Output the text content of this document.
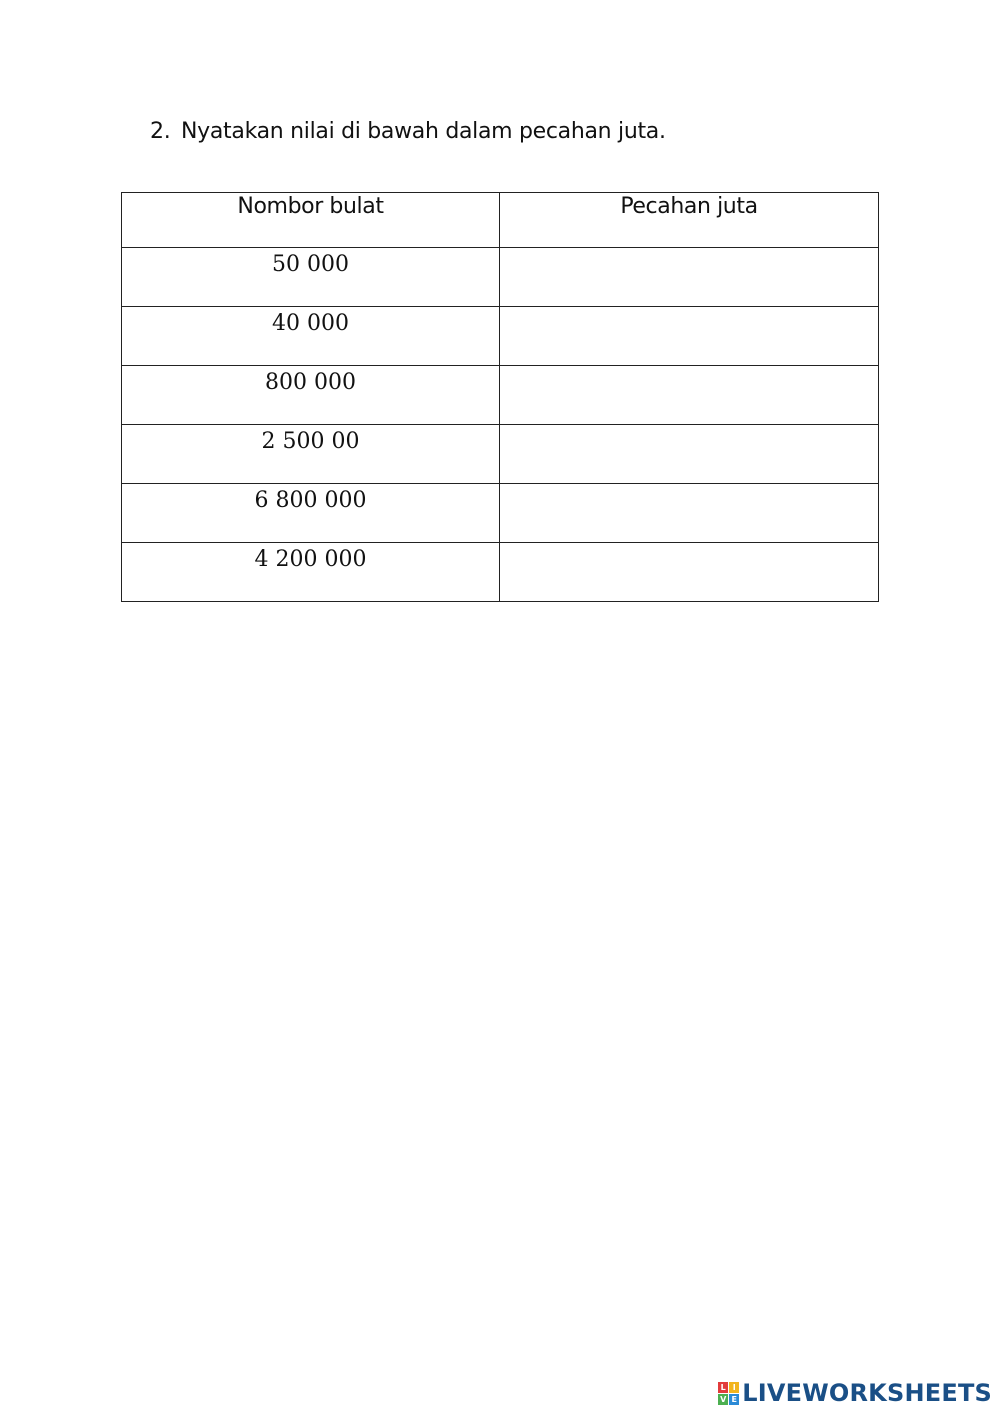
2. Nyatakan nilai di bawah dalam pecahan juta.
Nombor bulat	Pecahan juta
50 000	
40 000	
800 000	
2 500 00	
6 800 000	
4 200 000	
L I
V E LIVEWORKSHEETS
